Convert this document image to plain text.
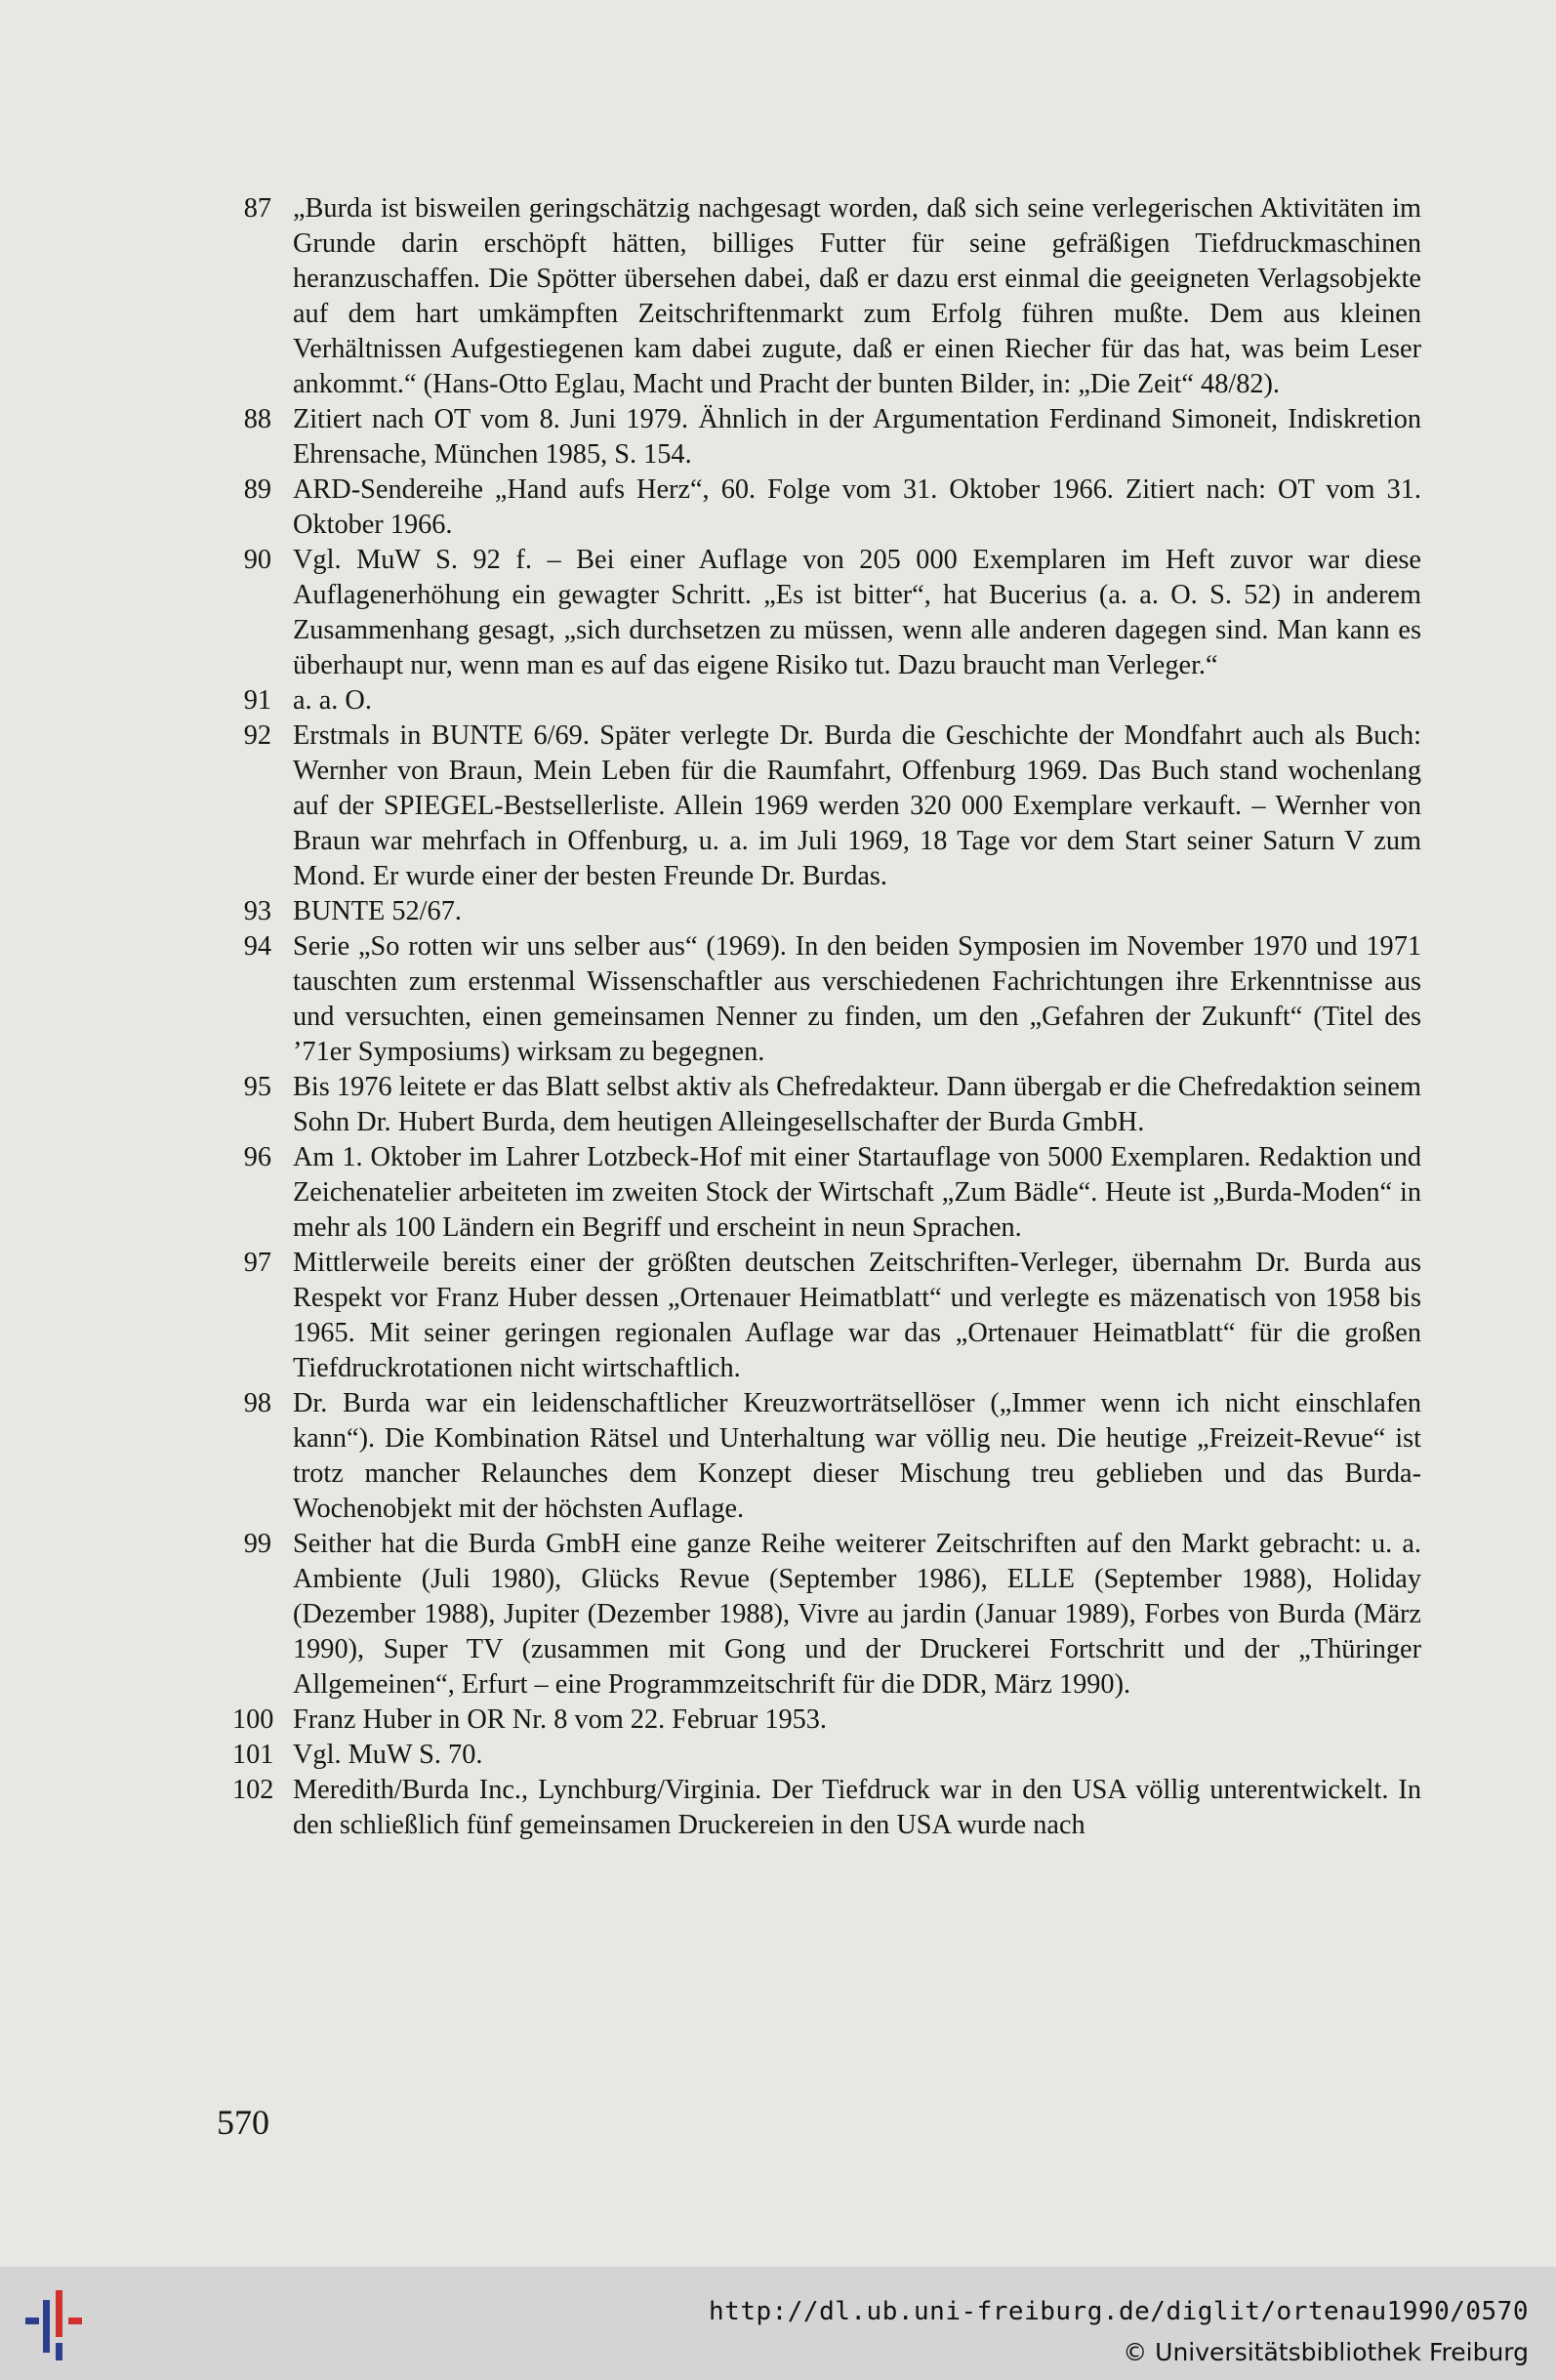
87 „Burda ist bisweilen geringschätzig nachgesagt worden, daß sich seine verlegerischen Aktivitäten im Grunde darin erschöpft hätten, billiges Futter für seine gefräßigen Tiefdruckmaschinen heranzuschaffen. Die Spötter übersehen dabei, daß er dazu erst einmal die geeigneten Verlagsobjekte auf dem hart umkämpften Zeitschriftenmarkt zum Erfolg führen mußte. Dem aus kleinen Verhältnissen Aufgestiegenen kam dabei zugute, daß er einen Riecher für das hat, was beim Leser ankommt.“ (Hans-Otto Eglau, Macht und Pracht der bunten Bilder, in: „Die Zeit“ 48/82).
88 Zitiert nach OT vom 8. Juni 1979. Ähnlich in der Argumentation Ferdinand Simoneit, Indiskretion Ehrensache, München 1985, S. 154.
89 ARD-Sendereihe „Hand aufs Herz“, 60. Folge vom 31. Oktober 1966. Zitiert nach: OT vom 31. Oktober 1966.
90 Vgl. MuW S. 92 f. – Bei einer Auflage von 205 000 Exemplaren im Heft zuvor war diese Auflagenerhöhung ein gewagter Schritt. „Es ist bitter“, hat Bucerius (a. a. O. S. 52) in anderem Zusammenhang gesagt, „sich durchsetzen zu müssen, wenn alle anderen dagegen sind. Man kann es überhaupt nur, wenn man es auf das eigene Risiko tut. Dazu braucht man Verleger.“
91 a. a. O.
92 Erstmals in BUNTE 6/69. Später verlegte Dr. Burda die Geschichte der Mondfahrt auch als Buch: Wernher von Braun, Mein Leben für die Raumfahrt, Offenburg 1969. Das Buch stand wochenlang auf der SPIEGEL-Bestsellerliste. Allein 1969 werden 320 000 Exemplare verkauft. – Wernher von Braun war mehrfach in Offenburg, u. a. im Juli 1969, 18 Tage vor dem Start seiner Saturn V zum Mond. Er wurde einer der besten Freunde Dr. Burdas.
93 BUNTE 52/67.
94 Serie „So rotten wir uns selber aus“ (1969). In den beiden Symposien im November 1970 und 1971 tauschten zum erstenmal Wissenschaftler aus verschiedenen Fachrichtungen ihre Erkenntnisse aus und versuchten, einen gemeinsamen Nenner zu finden, um den „Gefahren der Zukunft“ (Titel des ’71er Symposiums) wirksam zu begegnen.
95 Bis 1976 leitete er das Blatt selbst aktiv als Chefredakteur. Dann übergab er die Chefredaktion seinem Sohn Dr. Hubert Burda, dem heutigen Alleingesellschafter der Burda GmbH.
96 Am 1. Oktober im Lahrer Lotzbeck-Hof mit einer Startauflage von 5000 Exemplaren. Redaktion und Zeichenatelier arbeiteten im zweiten Stock der Wirtschaft „Zum Bädle“. Heute ist „Burda-Moden“ in mehr als 100 Ländern ein Begriff und erscheint in neun Sprachen.
97 Mittlerweile bereits einer der größten deutschen Zeitschriften-Verleger, übernahm Dr. Burda aus Respekt vor Franz Huber dessen „Ortenauer Heimatblatt“ und verlegte es mäzenatisch von 1958 bis 1965. Mit seiner geringen regionalen Auflage war das „Ortenauer Heimatblatt“ für die großen Tiefdruckrotationen nicht wirtschaftlich.
98 Dr. Burda war ein leidenschaftlicher Kreuzworträtsellöser („Immer wenn ich nicht einschlafen kann“). Die Kombination Rätsel und Unterhaltung war völlig neu. Die heutige „Freizeit-Revue“ ist trotz mancher Relaunches dem Konzept dieser Mischung treu geblieben und das Burda-Wochenobjekt mit der höchsten Auflage.
99 Seither hat die Burda GmbH eine ganze Reihe weiterer Zeitschriften auf den Markt gebracht: u. a. Ambiente (Juli 1980), Glücks Revue (September 1986), ELLE (September 1988), Holiday (Dezember 1988), Jupiter (Dezember 1988), Vivre au jardin (Januar 1989), Forbes von Burda (März 1990), Super TV (zusammen mit Gong und der Druckerei Fortschritt und der „Thüringer Allgemeinen“, Erfurt – eine Programmzeitschrift für die DDR, März 1990).
100 Franz Huber in OR Nr. 8 vom 22. Februar 1953.
101 Vgl. MuW S. 70.
102 Meredith/Burda Inc., Lynchburg/Virginia. Der Tiefdruck war in den USA völlig unterentwickelt. In den schließlich fünf gemeinsamen Druckereien in den USA wurde nach
570
http://dl.ub.uni-freiburg.de/diglit/ortenau1990/0570
© Universitätsbibliothek Freiburg
